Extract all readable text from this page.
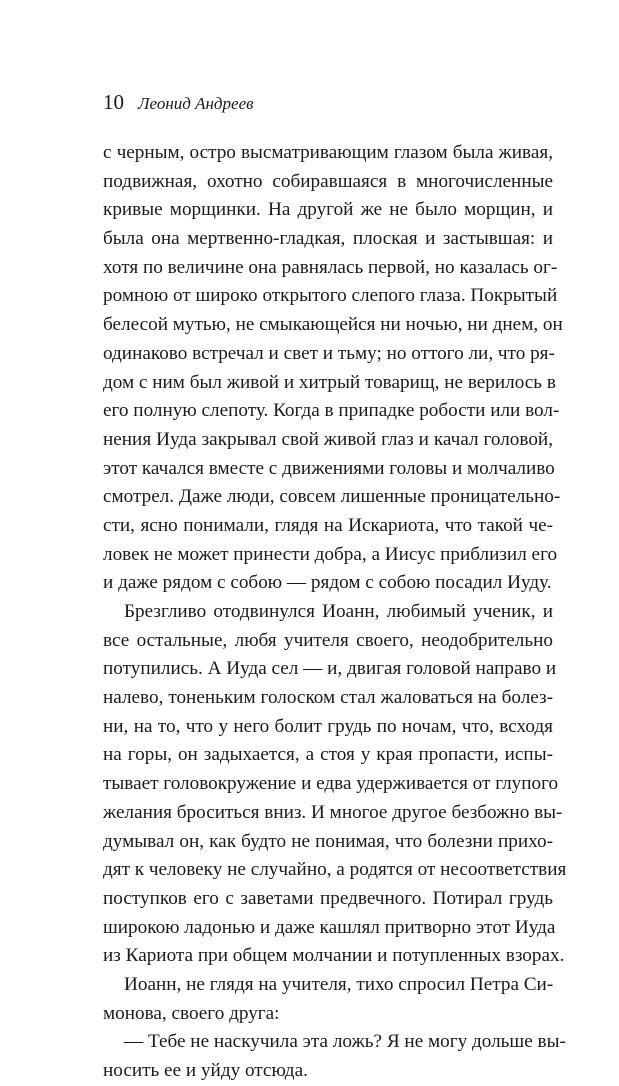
10 Леонид Андреев
с черным, остро высматривающим глазом была живая,
подвижная, охотно собиравшаяся в многочисленные
кривые морщинки. На другой же не было морщин, и
была она мертвенно-гладкая, плоская и застывшая: и
хотя по величине она равнялась первой, но казалась ог-
ромною от широко открытого слепого глаза. Покрытый
белесой мутью, не смыкающейся ни ночью, ни днем, он
одинаково встречал и свет и тьму; но оттого ли, что ря-
дом с ним был живой и хитрый товарищ, не верилось в
его полную слепоту. Когда в припадке робости или вол-
нения Иуда закрывал свой живой глаз и качал головой,
этот качался вместе с движениями головы и молчаливо
смотрел. Даже люди, совсем лишенные проницательно-
сти, ясно понимали, глядя на Искариота, что такой че-
ловек не может принести добра, а Иисус приблизил его
и даже рядом с собою — рядом с собою посадил Иуду.
Брезгливо отодвинулся Иоанн, любимый ученик, и
все остальные, любя учителя своего, неодобрительно
потупились. А Иуда сел — и, двигая головой направо и
налево, тоненьким голоском стал жаловаться на болез-
ни, на то, что у него болит грудь по ночам, что, всходя
на горы, он задыхается, а стоя у края пропасти, испы-
тывает головокружение и едва удерживается от глупого
желания броситься вниз. И многое другое безбожно вы-
думывал он, как будто не понимая, что болезни прихо-
дят к человеку не случайно, а родятся от несоответствия
поступков его с заветами предвечного. Потирал грудь
широкою ладонью и даже кашлял притворно этот Иуда
из Кариота при общем молчании и потупленных взорах.
Иоанн, не глядя на учителя, тихо спросил Петра Си-
монова, своего друга:
— Тебе не наскучила эта ложь? Я не могу дольше вы-
носить ее и уйду отсюда.
